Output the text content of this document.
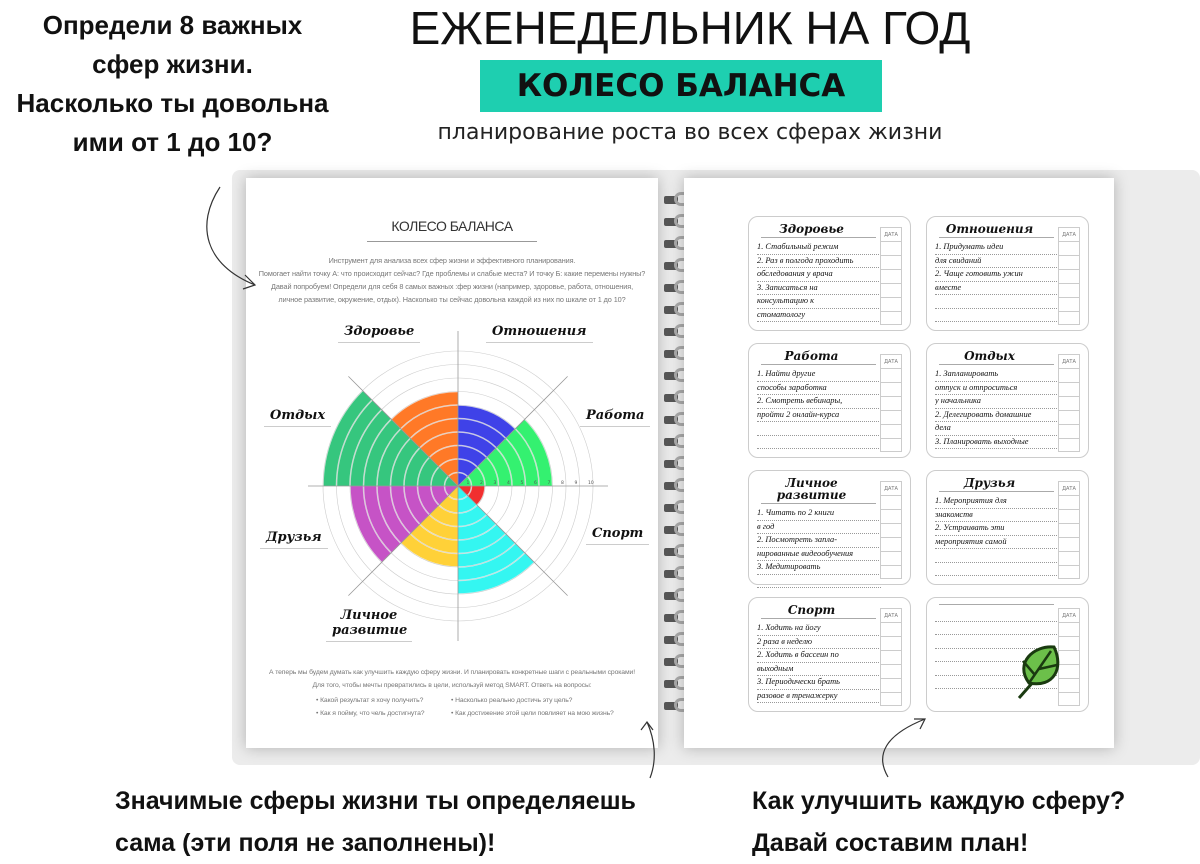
КОЛЕСО БАЛАНСА
Инструмент для анализа всех сфер жизни и эффективного планирования.
Помогает найти точку А: что происходит сейчас? Где проблемы и слабые места? И точку Б: какие перемены нужны?
Давай попробуем! Определи для себя 8 самых важных :фер жизни (например, здоровье, работа, отношения,
личное развитие, окружение, отдых). Насколько ты сейчас довольна каждой из них по шкале от 1 до 10?
1 2 3 4 5 6 7 8 9 10
Здоровье	Отношения
Работа
Отдых
Друзья	Спорт
Личное развитие
А теперь мы будем думать как улучшить каждую сферу жизни. И планировать конкретные шаги с реальными сроками!
Для того, чтобы мечты превратились в цели, используй метод SMART. Ответь на вопросы:
• Какой результат я хочу получить?	• Насколько реально достичь эту цель?
• Как я пойму, что чель достигнута?	• Как достижение этой цели повлияет на мою жизнь?
Здоровье
1. Стабильный режим
2. Раз в полгода проходить
обследования у врача
3. Записаться на
консультацию к
стоматологу
ДАТА	Отношения
1. Придумать идеи
для свиданий
2. Чаще готовить ужин
вместе

ДАТА
Работа
1. Найти другие
способы заработка
2. Смотреть вебинары,
пройти 2 онлайн-курса

ДАТА	Отдых
1. Запланировать
отпуск и отпроситься
у начальника
2. Делегировать домашние
дела
3. Планировать выходные
ДАТА
Личное развитие
1. Читать по 2 книги
в год
2. Посмотреть запла-
нированные видеообучения
3. Медитировать

ДАТА	Друзья
1. Мероприятия для
знакомств
2. Устраивать эти
мероприятия самой

ДАТА
Спорт
1. Ходить на йогу
2 раза в неделю
2. Ходить в бассеин по
выходным
3. Периодически брать
разовое в тренажерку
ДАТА

	ДАТА
Определи 8 важных
сфер жизни.
Насколько ты довольна
ими от 1 до 10?
ЕЖЕНЕДЕЛЬНИК НА ГОД
КОЛЕСО БАЛАНСА
планирование роста во всех сферах жизни
Значимые сферы жизни ты определяешь
сама (эти поля не заполнены)!
Как улучшить каждую сферу?
Давай составим план!
